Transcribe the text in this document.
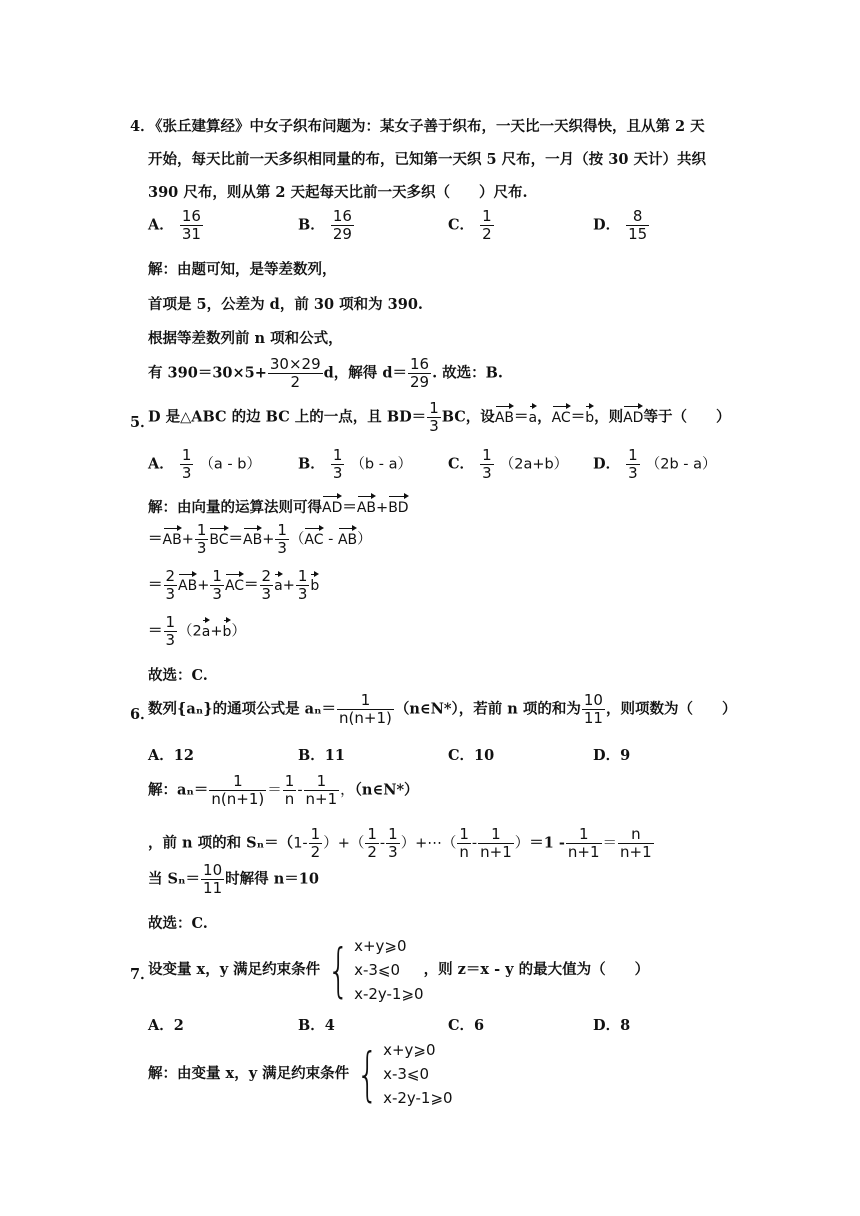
4．
《张丘建算经》中女子织布问题为：某女子善于织布，一天比一天织得快，且从第 2 天
开始，每天比前一天多织相同量的布，已知第一天织 5 尺布，一月（按 30 天计）共织
390 尺布，则从第 2 天起每天比前一天多织（　　）尺布.
A． $\frac{16}{31}$	B． $\frac{16}{29}$	C． $\frac{1}{2}$	D． $\frac{8}{15}$
解：由题可知，是等差数列，
首项是 5，公差为 d，前 30 项和为 390.
根据等差数列前 n 项和公式，
有 $390=30\times 5+ \frac{30\times 29}{2}$ d，解得 $d= \frac{16}{29}$ . 故选：B.
5．
D 是△ABC 的边 BC 上的一点，且 $BD= \frac{1}{3}$ BC，设AB＝a，AC＝b，则AD等于（　　）
A． $\frac{1}{3} (a - b)$	B． $\frac{1}{3} (b - a)$ C． $\frac{1}{3} (2a+b)$ D． $\frac{1}{3} (2b - a)$
解：由向量的运算法则可得AD＝AB+BD
$=AB+ \frac{1}{3} BC=AB+ \frac{1}{3} (AC - AB)$
＝ $\frac{2}{3} AB+ \frac{1}{3} AC= \frac{2}{3} a+ \frac{1}{3}$ b
＝ $\frac{1}{3} (2a+b)$
故选：C.
6．
数列{aₙ}的通项公式是 $a_n= \frac{1}{n(n+1)}$ （n∈N*），若前 n 项的和为 $\frac{10}{11}$ ，则项数为（　　）
A．12	B．11	C．10	D．9
解：$a_n= \frac{1}{n(n+1)} = \frac{1}{n} - \frac{1}{n+1}$ ，（n∈N*）
，前 n 项的和 $S_n=(1- \frac{1}{2}$ ）+（ $\frac{1}{2} - \frac{1}{3}$ ）+⋯（ $\frac{1}{n} - \frac{1}{n+1} )=1 - \frac{1}{n+1} = \frac{n}{n+1}$
当 $S_n= \frac{10}{11}$ 时解得 n＝10
故选：C.
7．
设变量 x，y 满足约束条件 { x+y⩾0
x-3⩽0
x-2y-1⩾0
，则 z＝x - y 的最大值为（　　）
A．2	B．4	C．6	D．8
解：由变量 x，y 满足约束条件 { x+y⩾0
x-3⩽0
x-2y-1⩾0
